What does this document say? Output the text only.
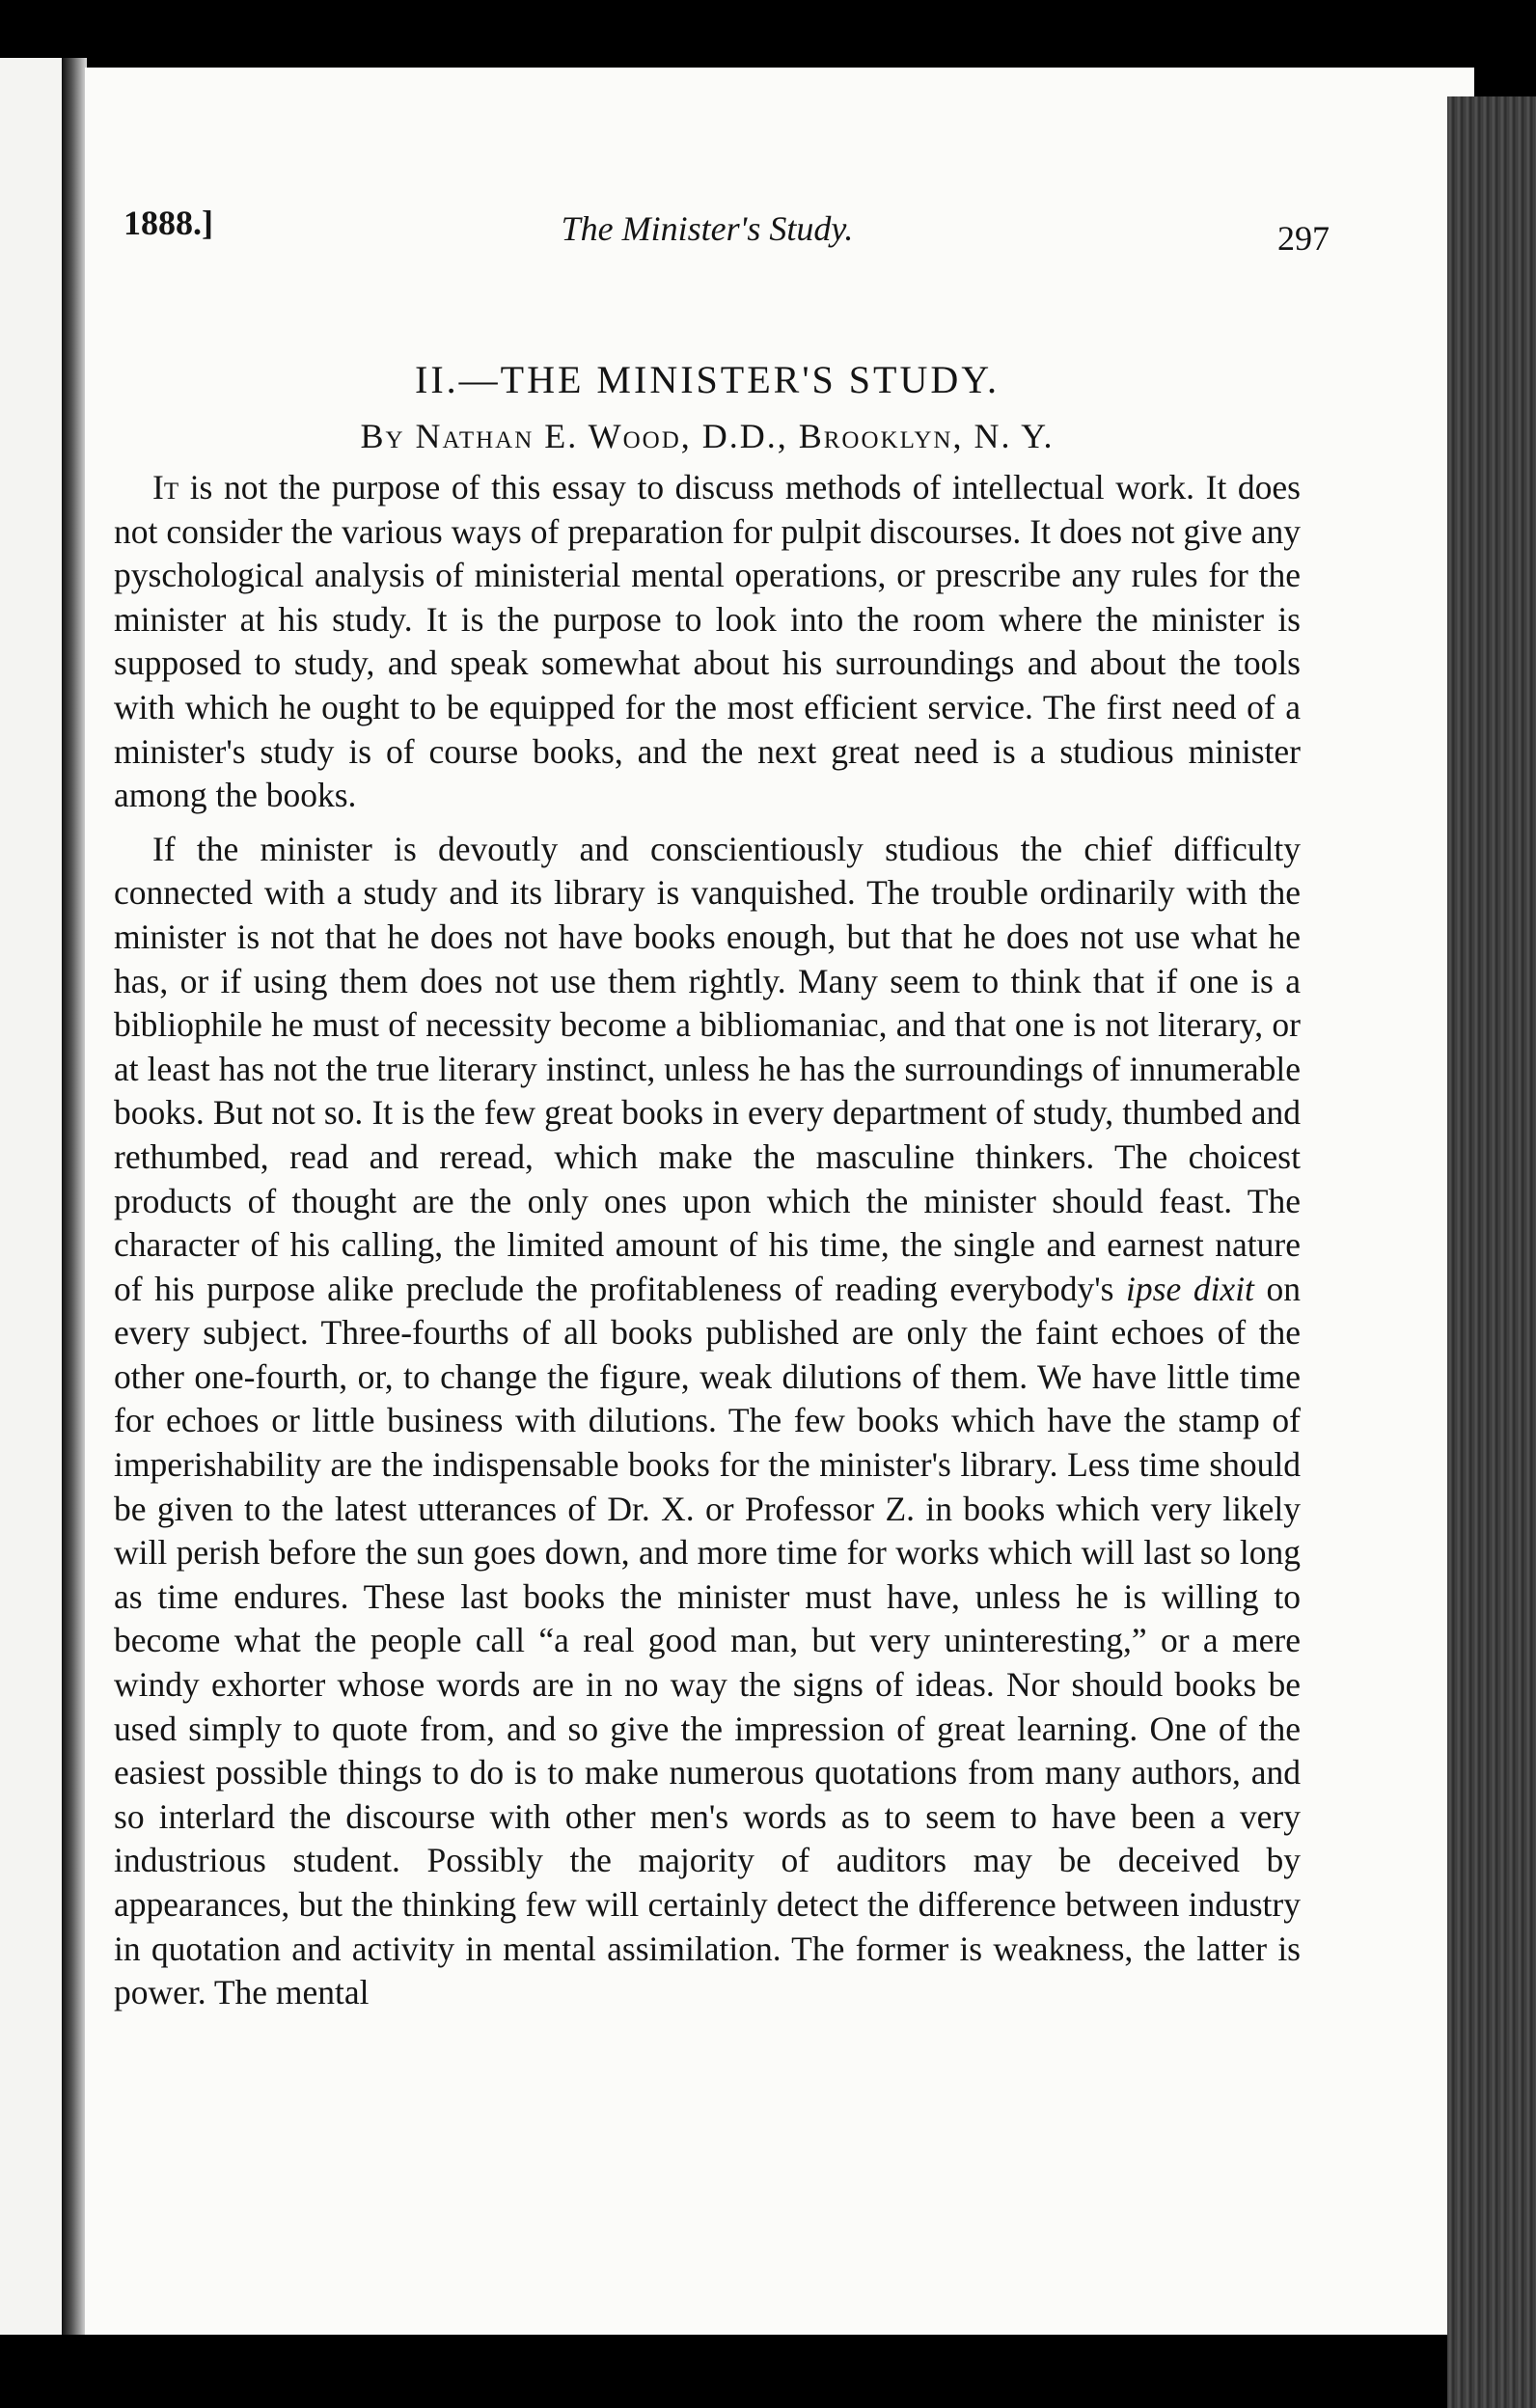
1888.]	The Minister's Study.	297
II.—THE MINISTER'S STUDY.
By Nathan E. Wood, D.D., Brooklyn, N. Y.

It is not the purpose of this essay to discuss methods of intellectual work. It does not consider the various ways of preparation for pulpit discourses. It does not give any pyschological analysis of ministerial mental operations, or prescribe any rules for the minister at his study. It is the purpose to look into the room where the minister is supposed to study, and speak somewhat about his surroundings and about the tools with which he ought to be equipped for the most efficient service. The first need of a minister's study is of course books, and the next great need is a studious minister among the books.

If the minister is devoutly and conscientiously studious the chief difficulty connected with a study and its library is vanquished. The trouble ordinarily with the minister is not that he does not have books enough, but that he does not use what he has, or if using them does not use them rightly. Many seem to think that if one is a bibliophile he must of necessity become a bibliomaniac, and that one is not literary, or at least has not the true literary instinct, unless he has the surroundings of innumerable books. But not so. It is the few great books in every department of study, thumbed and rethumbed, read and reread, which make the masculine thinkers. The choicest products of thought are the only ones upon which the minister should feast. The character of his calling, the limited amount of his time, the single and earnest nature of his purpose alike preclude the profitableness of reading everybody's ipse dixit on every subject. Three-fourths of all books published are only the faint echoes of the other one-fourth, or, to change the figure, weak dilutions of them. We have little time for echoes or little business with dilutions. The few books which have the stamp of imperishability are the indispensable books for the minister's library. Less time should be given to the latest utterances of Dr. X. or Professor Z. in books which very likely will perish before the sun goes down, and more time for works which will last so long as time endures. These last books the minister must have, unless he is willing to become what the people call “a real good man, but very uninteresting,” or a mere windy exhorter whose words are in no way the signs of ideas. Nor should books be used simply to quote from, and so give the impression of great learning. One of the easiest possible things to do is to make numerous quotations from many authors, and so interlard the discourse with other men's words as to seem to have been a very industrious student. Possibly the majority of auditors may be deceived by appearances, but the thinking few will certainly detect the difference between industry in quotation and activity in mental assimilation. The former is weakness, the latter is power. The mental
